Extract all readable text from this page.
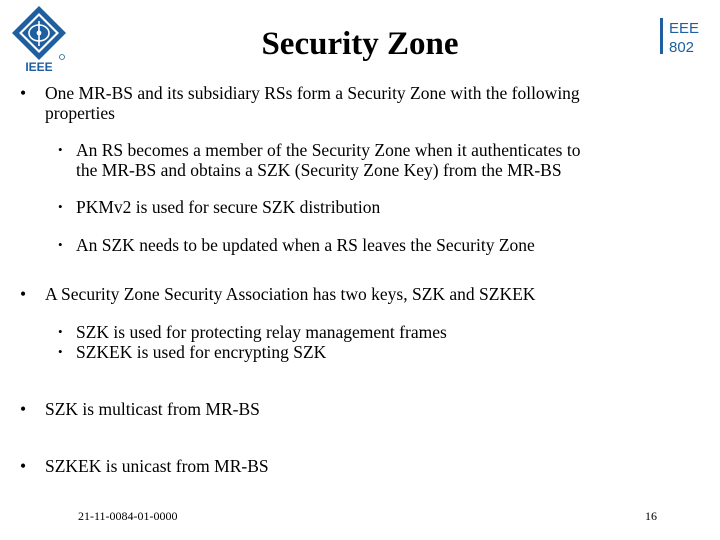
IEEE
EEE
802
Security Zone
• One MR-BS and its subsidiary RSs form a Security Zone with the following
properties
• An RS becomes a member of the Security Zone when it authenticates to
the MR-BS and obtains a SZK (Security Zone Key) from the MR-BS
• PKMv2 is used for secure SZK distribution
• An SZK needs to be updated when a RS leaves the Security Zone
• A Security Zone Security Association has two keys, SZK and SZKEK
• SZK is used for protecting relay management frames
• SZKEK is used for encrypting SZK
• SZK is multicast from MR-BS
• SZKEK is unicast from MR-BS
21-11-0084-01-0000	16
